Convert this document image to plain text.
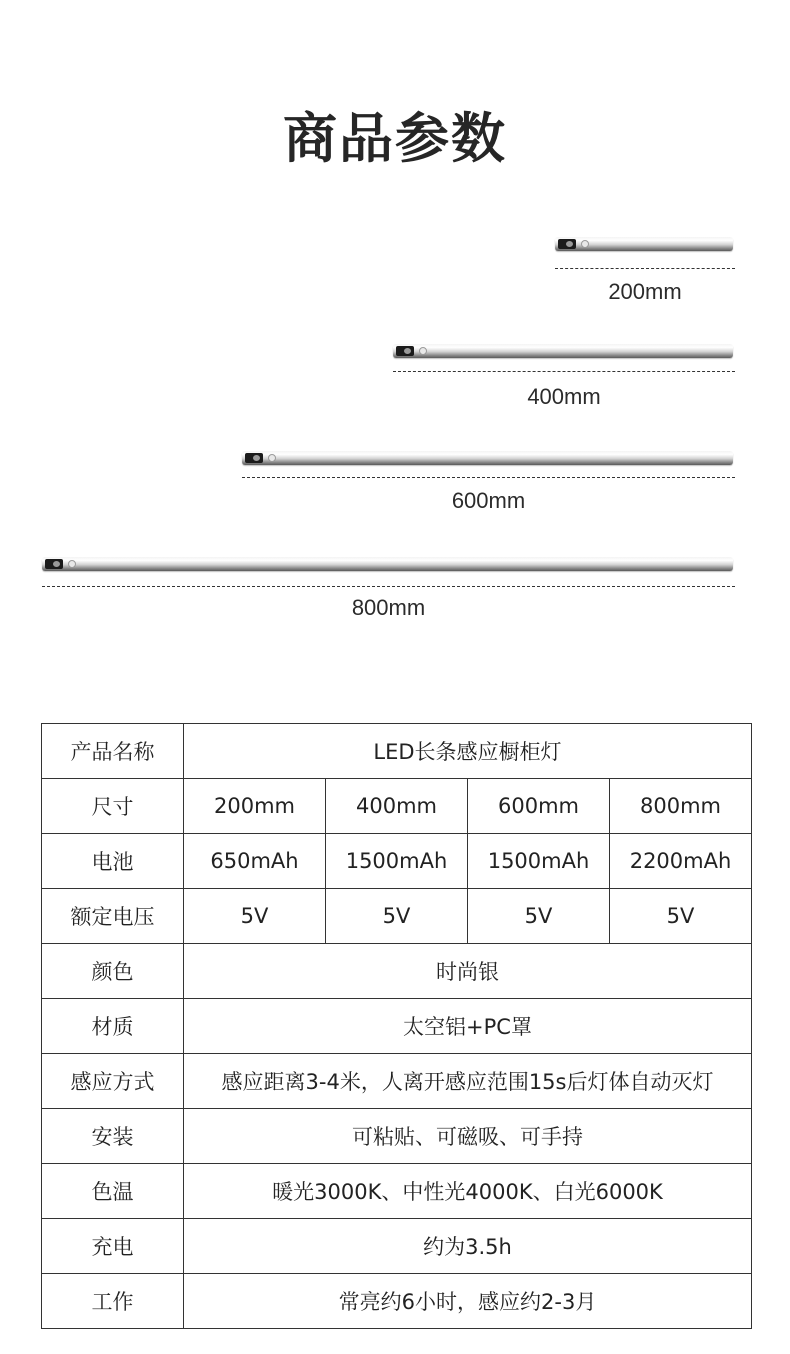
商品参数
200mm
400mm
600mm
800mm
产品名称	LED长条感应橱柜灯			
尺寸	200mm	400mm	600mm	800mm
电池	650mAh	1500mAh	1500mAh	2200mAh
额定电压	5V	5V	5V	5V
颜色	时尚银			
材质	太空铝+PC罩			
感应方式	感应距离3-4米，人离开感应范围15s后灯体自动灭灯			
安装	可粘贴、可磁吸、可手持			
色温	暖光3000K、中性光4000K、白光6000K			
充电	约为3.5h			
工作	常亮约6小时，感应约2-3月			
